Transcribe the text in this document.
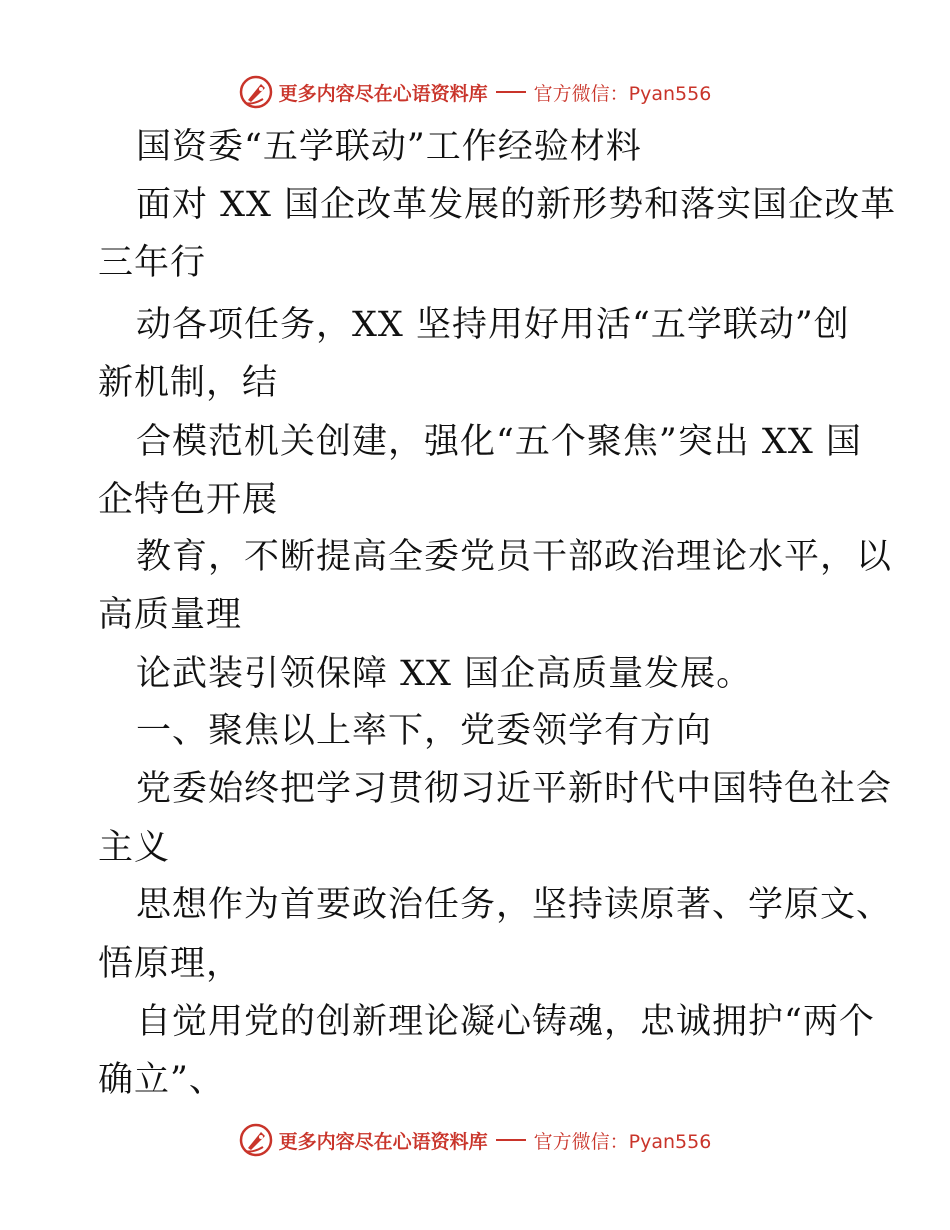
更多内容尽在心语资料库 官方微信：Pyan556
国资委“五学联动”工作经验材料
面对 XX 国企改革发展的新形势和落实国企改革
三年行
动各项任务，XX 坚持用好用活“五学联动”创
新机制，结
合模范机关创建，强化“五个聚焦”突出 XX 国
企特色开展
教育，不断提高全委党员干部政治理论水平，以
高质量理
论武装引领保障 XX 国企高质量发展。
一、聚焦以上率下，党委领学有方向
党委始终把学习贯彻习近平新时代中国特色社会
主义
思想作为首要政治任务，坚持读原著、学原文、
悟原理，
自觉用党的创新理论凝心铸魂，忠诚拥护“两个
确立”、
更多内容尽在心语资料库 官方微信：Pyan556
